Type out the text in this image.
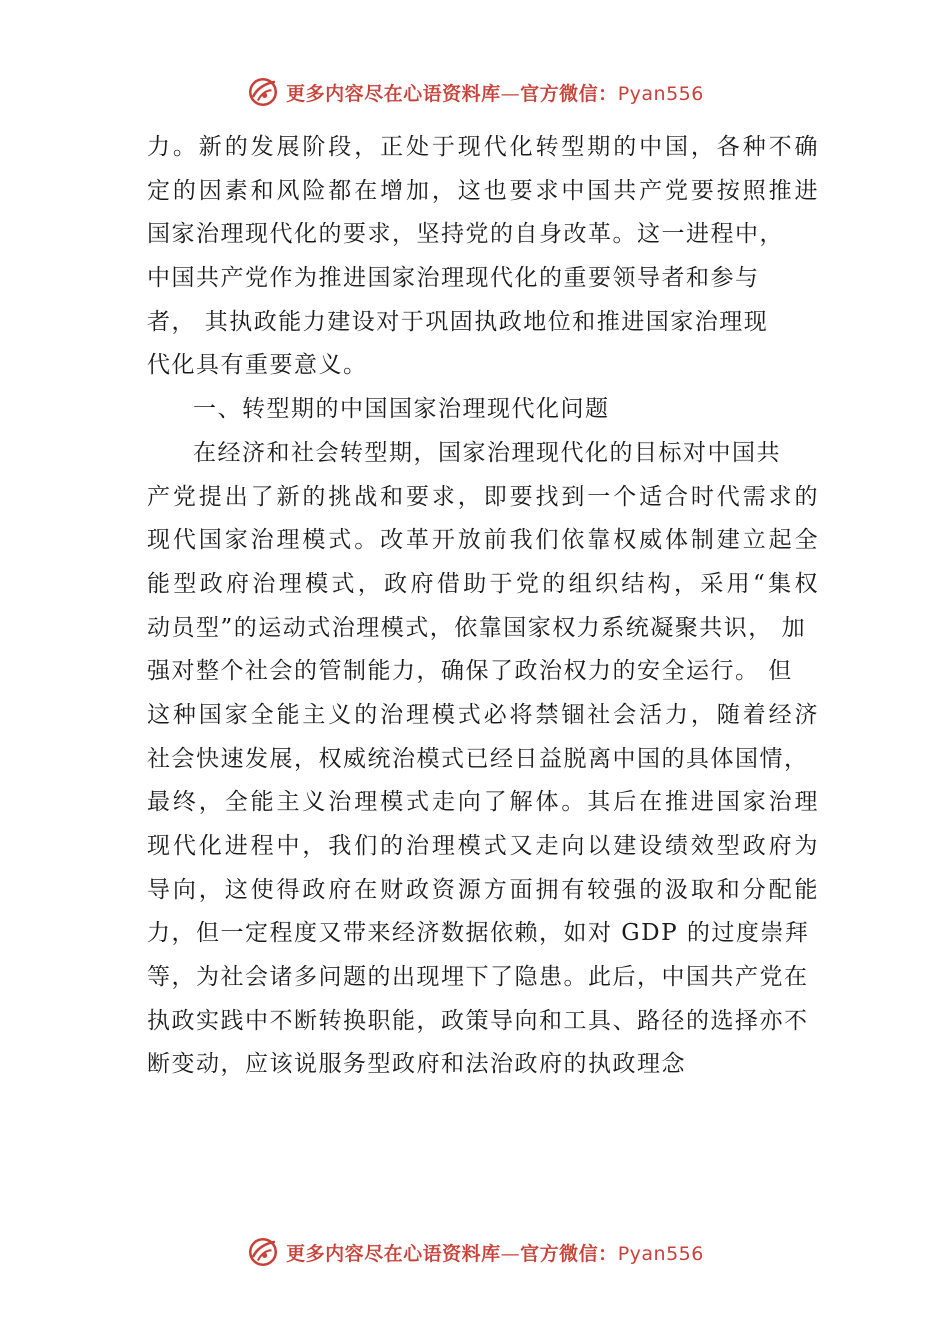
更多内容尽在心语资料库—官方微信：Pyan556
力。新的发展阶段，正处于现代化转型期的中国，各种不确
定的因素和风险都在增加，这也要求中国共产党要按照推进
国家治理现代化的要求，坚持党的自身改革。这一进程中，
中国共产党作为推进国家治理现代化的重要领导者和参与
者， 其执政能力建设对于巩固执政地位和推进国家治理现
代化具有重要意义。
一、转型期的中国国家治理现代化问题
在经济和社会转型期，国家治理现代化的目标对中国共
产党提出了新的挑战和要求，即要找到一个适合时代需求的
现代国家治理模式。改革开放前我们依靠权威体制建立起全
能型政府治理模式，政府借助于党的组织结构，采用“集权
动员型”的运动式治理模式，依靠国家权力系统凝聚共识， 加
强对整个社会的管制能力，确保了政治权力的安全运行。 但
这种国家全能主义的治理模式必将禁锢社会活力，随着经济
社会快速发展，权威统治模式已经日益脱离中国的具体国情，
最终，全能主义治理模式走向了解体。其后在推进国家治理
现代化进程中，我们的治理模式又走向以建设绩效型政府为
导向，这使得政府在财政资源方面拥有较强的汲取和分配能
力，但一定程度又带来经济数据依赖，如对 GDP 的过度崇拜
等，为社会诸多问题的出现埋下了隐患。此后，中国共产党在
执政实践中不断转换职能，政策导向和工具、路径的选择亦不
断变动，应该说服务型政府和法治政府的执政理念
更多内容尽在心语资料库—官方微信：Pyan556
